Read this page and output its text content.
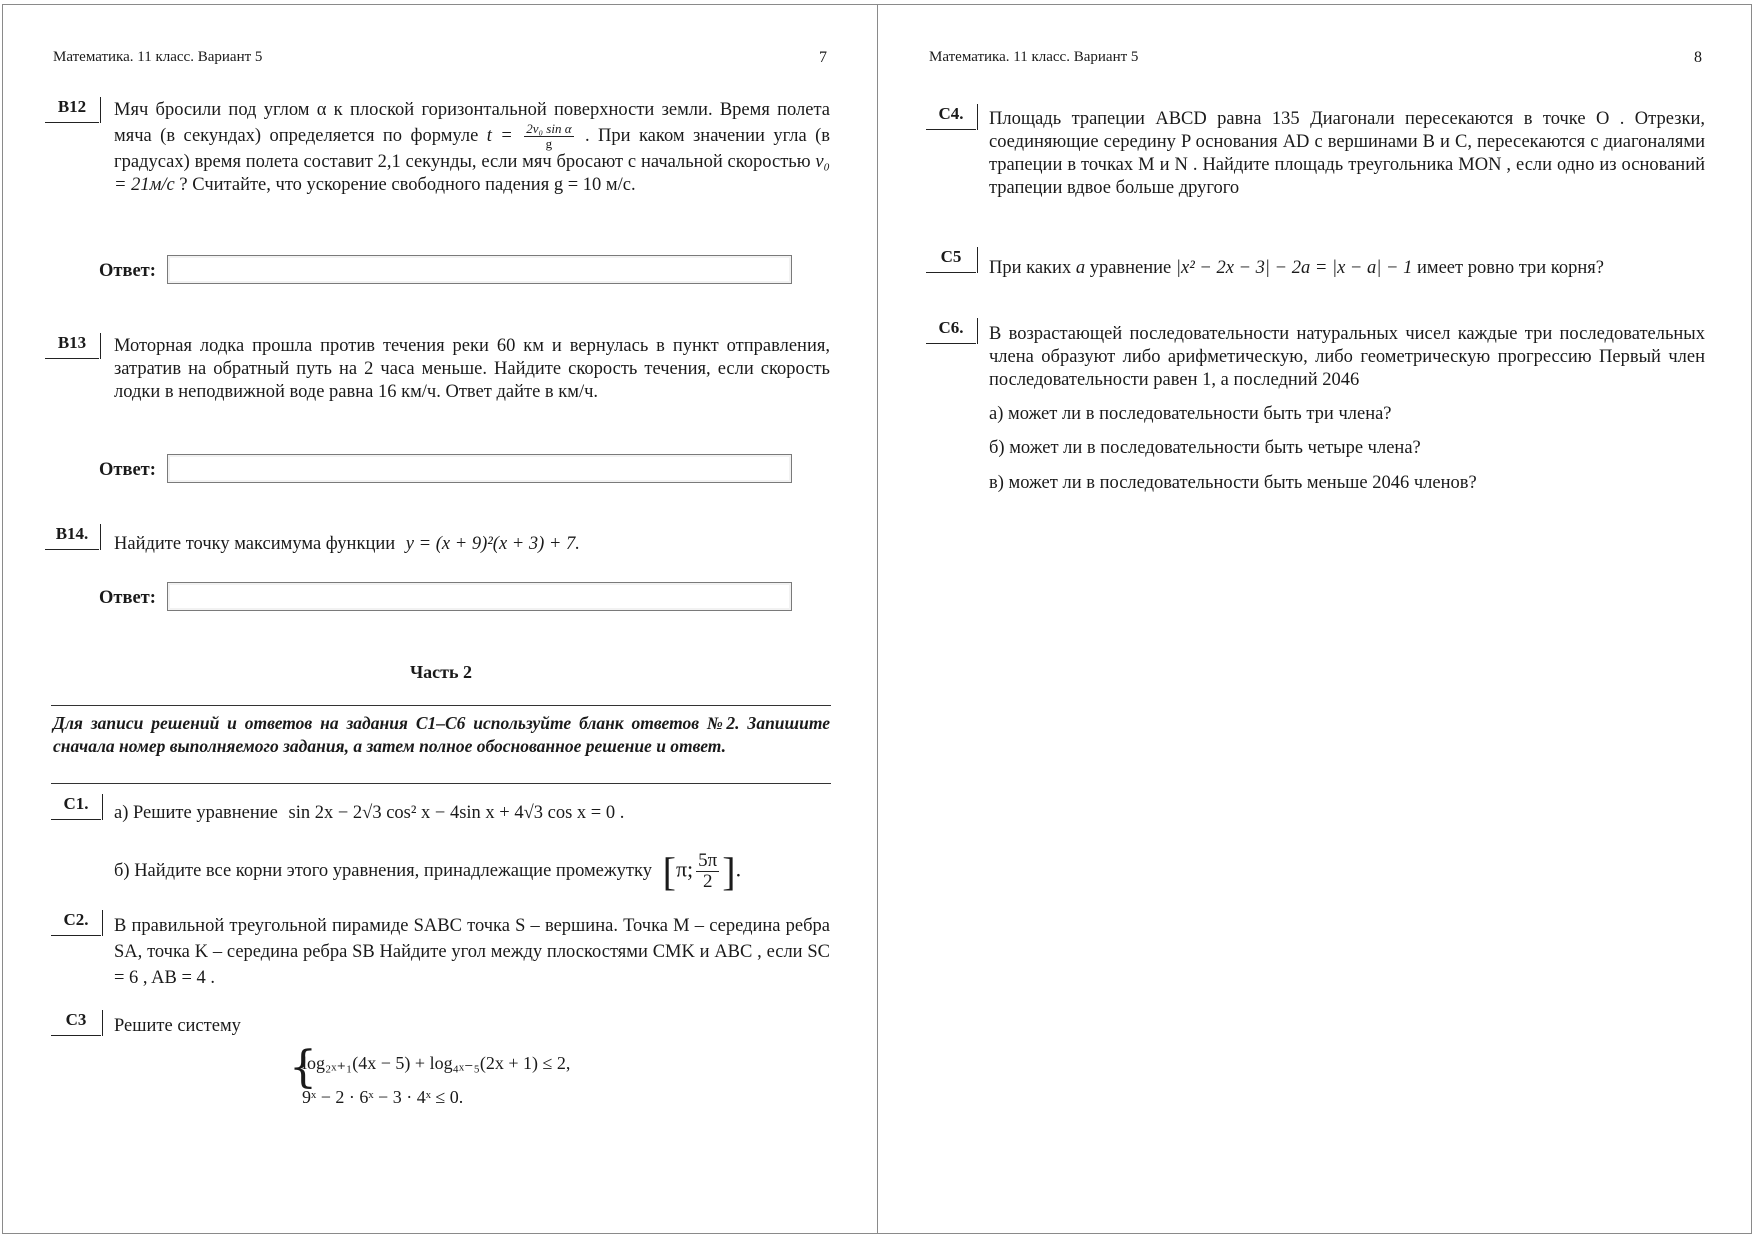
Математика. 11 класс. Вариант 5	7
B12	Мяч бросили под углом α к плоской горизонтальной поверхности земли. Время полета мяча (в секундах) определяется по формуле $t = \frac{\text{2v₀ sin α}}{g}$ . При каком значении угла (в градусах) время полета составит 2,1 секунды, если мяч бросают с начальной скоростью v₀ = 21м/с ? Считайте, что ускорение свободного падения g = 10 м/с.
Ответ:
B13	Моторная лодка прошла против течения реки 60 км и вернулась в пункт отправления, затратив на обратный путь на 2 часа меньше. Найдите скорость течения, если скорость лодки в неподвижной воде равна 16 км/ч. Ответ дайте в км/ч.
Ответ:
B14.
Найдите точку максимума функции y = (x + 9)²(x + 3) + 7.
Ответ:
Часть 2
Для записи решений и ответов на задания С1–С6 используйте бланк ответов №2. Запишите сначала номер выполняемого задания, а затем полное обоснованное решение и ответ.
C1.	а) Решите уравнение sin 2x − 2√3 cos² x − 4sin x + 4√3 cos x = 0 .
б) Найдите все корни этого уравнения, принадлежащие промежутку [π; $\frac{5\pi}{2}$ ].
C2.	В правильной треугольной пирамиде SABC точка S – вершина. Точка M – середина ребра SA, точка K – середина ребра SB Найдите угол между плоскостями CMK и ABC , если SC = 6 , AB = 4 .
C3	Решите систему
{
log₂ₓ₊₁(4x − 5) + log₄ₓ₋₅(2x + 1) ≤ 2,
9ˣ − 2 · 6ˣ − 3 · 4ˣ ≤ 0.
Математика. 11 класс. Вариант 5	8
C4.	Площадь трапеции ABCD равна 135 Диагонали пересекаются в точке O . Отрезки, соединяющие середину P основания AD с вершинами B и C, пересекаются с диагоналями трапеции в точках M и N . Найдите площадь треугольника MON , если одно из оснований трапеции вдвое больше другого
C5
При каких a уравнение |x² − 2x − 3| − 2a = |x − a| − 1 имеет ровно три корня?
C6.	В возрастающей последовательности натуральных чисел каждые три последовательных члена образуют либо арифметическую, либо геометрическую прогрессию Первый член последовательности равен 1, а последний 2046
а) может ли в последовательности быть три члена?
б) может ли в последовательности быть четыре члена?
в) может ли в последовательности быть меньше 2046 членов?
